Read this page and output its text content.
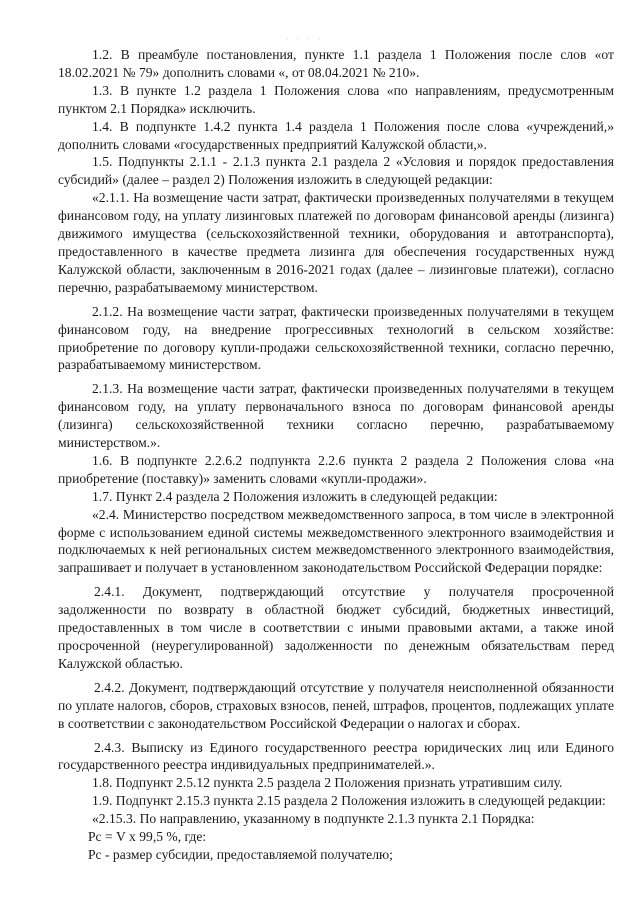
· · · ·

1.2. В преамбуле постановления, пункте 1.1 раздела 1 Положения после слов «от 18.02.2021 № 79» дополнить словами «, от 08.04.2021 № 210».

1.3. В пункте 1.2 раздела 1 Положения слова «по направлениям, предусмотренным пунктом 2.1 Порядка» исключить.

1.4. В подпункте 1.4.2 пункта 1.4 раздела 1 Положения после слова «учреждений,» дополнить словами «государственных предприятий Калужской области,».

1.5. Подпункты 2.1.1 - 2.1.3 пункта 2.1 раздела 2 «Условия и порядок предоставления субсидий» (далее – раздел 2) Положения изложить в следующей редакции:

«2.1.1. На возмещение части затрат, фактически произведенных получателями в текущем финансовом году, на уплату лизинговых платежей по договорам финансовой аренды (лизинга) движимого имущества (сельскохозяйственной техники, оборудования и автотранспорта), предоставленного в качестве предмета лизинга для обеспечения государственных нужд Калужской области, заключенным в 2016-2021 годах (далее – лизинговые платежи), согласно перечню, разрабатываемому министерством.

2.1.2. На возмещение части затрат, фактически произведенных получателями в текущем финансовом году, на внедрение прогрессивных технологий в сельском хозяйстве: приобретение по договору купли-продажи сельскохозяйственной техники, согласно перечню, разрабатываемому министерством.

2.1.3. На возмещение части затрат, фактически произведенных получателями в текущем финансовом году, на уплату первоначального взноса по договорам финансовой аренды (лизинга) сельскохозяйственной техники согласно перечню, разрабатываемому министерством.».

1.6. В подпункте 2.2.6.2 подпункта 2.2.6 пункта 2 раздела 2 Положения слова «на приобретение (поставку)» заменить словами «купли-продажи».

1.7. Пункт 2.4 раздела 2 Положения изложить в следующей редакции:

«2.4. Министерство посредством межведомственного запроса, в том числе в электронной форме с использованием единой системы межведомственного электронного взаимодействия и подключаемых к ней региональных систем межведомственного электронного взаимодействия, запрашивает и получает в установленном законодательством Российской Федерации порядке:

2.4.1. Документ, подтверждающий отсутствие у получателя просроченной задолженности по возврату в областной бюджет субсидий, бюджетных инвестиций, предоставленных в том числе в соответствии с иными правовыми актами, а также иной просроченной (неурегулированной) задолженности по денежным обязательствам перед Калужской областью.

2.4.2. Документ, подтверждающий отсутствие у получателя неисполненной обязанности по уплате налогов, сборов, страховых взносов, пеней, штрафов, процентов, подлежащих уплате в соответствии с законодательством Российской Федерации о налогах и сборах.

2.4.3. Выписку из Единого государственного реестра юридических лиц или Единого государственного реестра индивидуальных предпринимателей.».

1.8. Подпункт 2.5.12 пункта 2.5 раздела 2 Положения признать утратившим силу.

1.9. Подпункт 2.15.3 пункта 2.15 раздела 2 Положения изложить в следующей редакции:

«2.15.3. По направлению, указанному в подпункте 2.1.3 пункта 2.1 Порядка:

Рс = V х 99,5 %, где:

Рс - размер субсидии, предоставляемой получателю;
